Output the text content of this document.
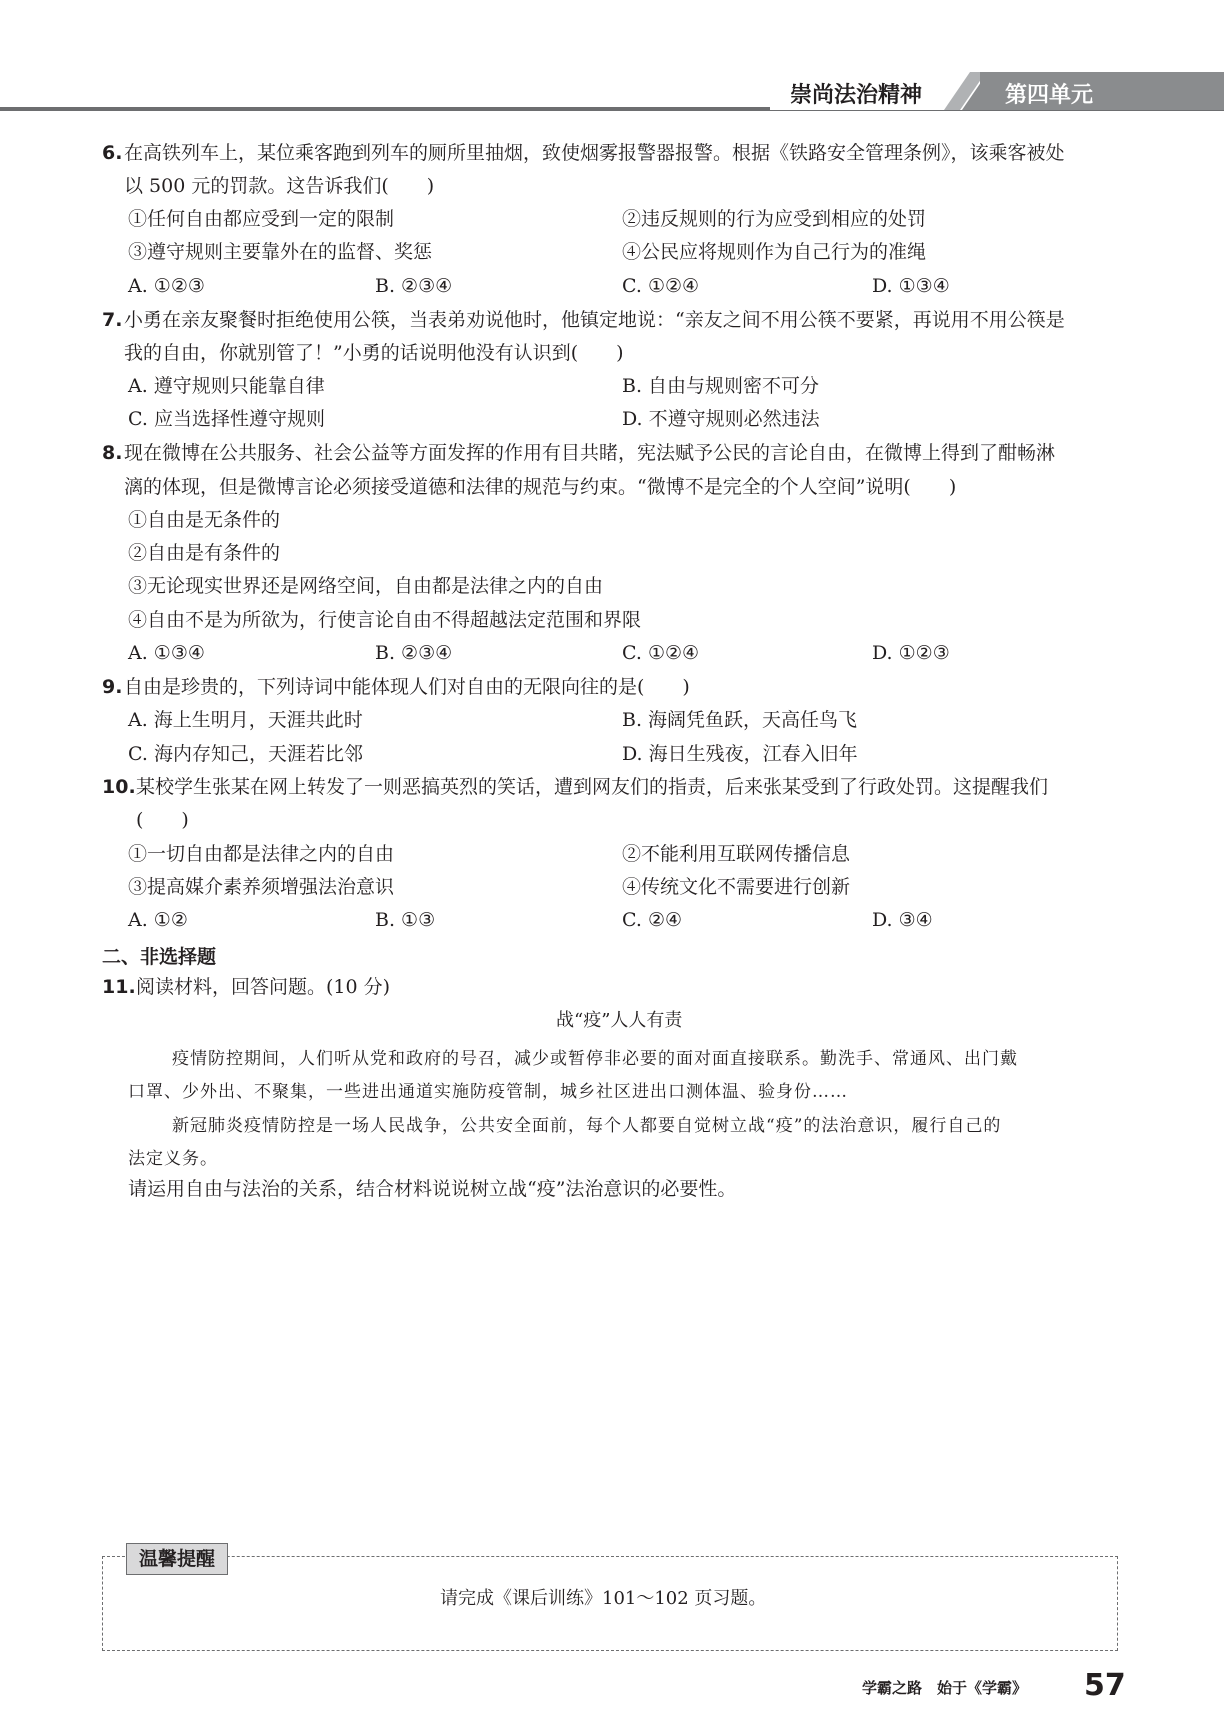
崇尚法治精神	第四单元
6. 在高铁列车上，某位乘客跑到列车的厕所里抽烟，致使烟雾报警器报警。根据《铁路安全管理条例》，该乘客被处
以 500 元的罚款。这告诉我们(　　)
①任何自由都应受到一定的限制	②违反规则的行为应受到相应的处罚
③遵守规则主要靠外在的监督、奖惩	④公民应将规则作为自己行为的准绳
A. ①②③	B. ②③④	C. ①②④	D. ①③④
7. 小勇在亲友聚餐时拒绝使用公筷，当表弟劝说他时，他镇定地说：“亲友之间不用公筷不要紧，再说用不用公筷是
我的自由，你就别管了！”小勇的话说明他没有认识到(　　)
A. 遵守规则只能靠自律	B. 自由与规则密不可分
C. 应当选择性遵守规则	D. 不遵守规则必然违法
8. 现在微博在公共服务、社会公益等方面发挥的作用有目共睹，宪法赋予公民的言论自由，在微博上得到了酣畅淋
漓的体现，但是微博言论必须接受道德和法律的规范与约束。“微博不是完全的个人空间”说明(　　)
①自由是无条件的
②自由是有条件的
③无论现实世界还是网络空间，自由都是法律之内的自由
④自由不是为所欲为，行使言论自由不得超越法定范围和界限
A. ①③④	B. ②③④	C. ①②④	D. ①②③
9. 自由是珍贵的，下列诗词中能体现人们对自由的无限向往的是(　　)
A. 海上生明月，天涯共此时	B. 海阔凭鱼跃，天高任鸟飞
C. 海内存知己，天涯若比邻	D. 海日生残夜，江春入旧年
10. 某校学生张某在网上转发了一则恶搞英烈的笑话，遭到网友们的指责，后来张某受到了行政处罚。这提醒我们
(　　)
①一切自由都是法律之内的自由	②不能利用互联网传播信息
③提高媒介素养须增强法治意识	④传统文化不需要进行创新
A. ①②	B. ①③	C. ②④	D. ③④
二、非选择题
11. 阅读材料，回答问题。(10 分)
战“疫”人人有责
疫情防控期间，人们听从党和政府的号召，减少或暂停非必要的面对面直接联系。勤洗手、常通风、出门戴
口罩、少外出、不聚集，一些进出通道实施防疫管制，城乡社区进出口测体温、验身份……
新冠肺炎疫情防控是一场人民战争，公共安全面前，每个人都要自觉树立战“疫”的法治意识，履行自己的
法定义务。
请运用自由与法治的关系，结合材料说说树立战“疫”法治意识的必要性。
温馨提醒
请完成《课后训练》101～102 页习题。
学霸之路　始于《学霸》 57
